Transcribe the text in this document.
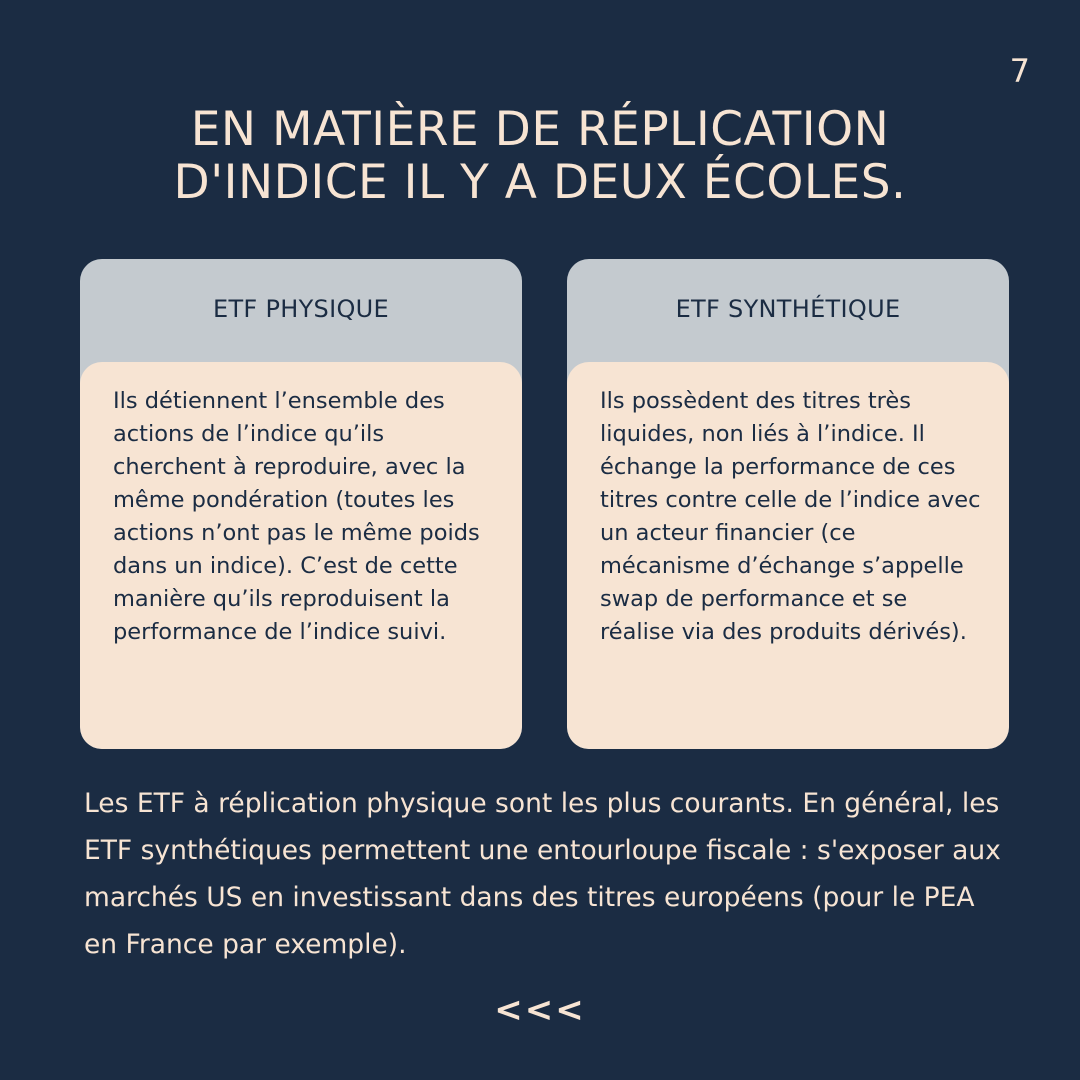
7
EN MATIÈRE DE RÉPLICATION
D'INDICE IL Y A DEUX ÉCOLES.
ETF PHYSIQUE
Ils détiennent l’ensemble des actions de l’indice qu’ils cherchent à reproduire, avec la même pondération (toutes les actions n’ont pas le même poids dans un indice). C’est de cette manière qu’ils reproduisent la performance de l’indice suivi.
ETF SYNTHÉTIQUE
Ils possèdent des titres très liquides, non liés à l’indice. Il échange la performance de ces titres contre celle de l’indice avec un acteur financier (ce mécanisme d’échange s’appelle swap de performance et se réalise via des produits dérivés).

Les ETF à réplication physique sont les plus courants. En général, les ETF synthétiques permettent une entourloupe fiscale : s'exposer aux marchés US en investissant dans des titres européens (pour le PEA en France par exemple).

<<<
